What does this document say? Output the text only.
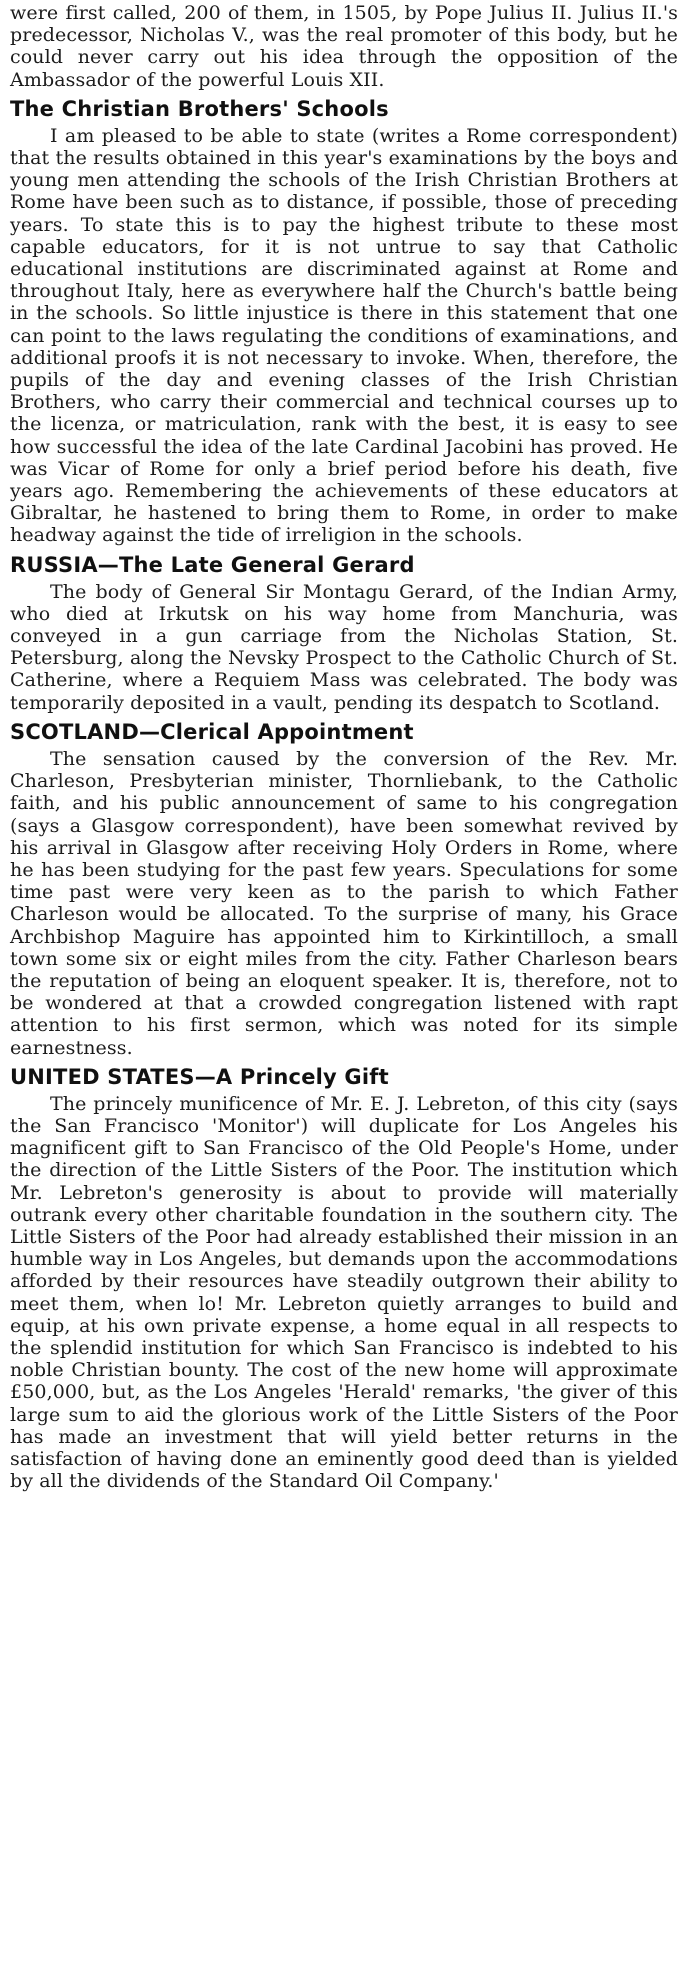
were first called, 200 of them, in 1505, by Pope Julius II. Julius II.'s predecessor, Nicholas V., was the real promoter of this body, but he could never carry out his idea through the opposition of the Ambassador of the powerful Louis XII.

The Christian Brothers' Schools

I am pleased to be able to state (writes a Rome correspondent) that the results obtained in this year's examinations by the boys and young men attending the schools of the Irish Christian Brothers at Rome have been such as to distance, if possible, those of preceding years. To state this is to pay the highest tribute to these most capable educators, for it is not untrue to say that Catholic educational institutions are discriminated against at Rome and throughout Italy, here as everywhere half the Church's battle being in the schools. So little injustice is there in this statement that one can point to the laws regulating the conditions of examinations, and additional proofs it is not necessary to invoke. When, therefore, the pupils of the day and evening classes of the Irish Christian Brothers, who carry their commercial and technical courses up to the licenza, or matriculation, rank with the best, it is easy to see how successful the idea of the late Cardinal Jacobini has proved. He was Vicar of Rome for only a brief period before his death, five years ago. Remembering the achievements of these educators at Gibraltar, he hastened to bring them to Rome, in order to make headway against the tide of irreligion in the schools.

RUSSIA—The Late General Gerard

The body of General Sir Montagu Gerard, of the Indian Army, who died at Irkutsk on his way home from Manchuria, was conveyed in a gun carriage from the Nicholas Station, St. Petersburg, along the Nevsky Prospect to the Catholic Church of St. Catherine, where a Requiem Mass was celebrated. The body was temporarily deposited in a vault, pending its despatch to Scotland.

SCOTLAND—Clerical Appointment

The sensation caused by the conversion of the Rev. Mr. Charleson, Presbyterian minister, Thornliebank, to the Catholic faith, and his public announcement of same to his congregation (says a Glasgow correspondent), have been somewhat revived by his arrival in Glasgow after receiving Holy Orders in Rome, where he has been studying for the past few years. Speculations for some time past were very keen as to the parish to which Father Charleson would be allocated. To the surprise of many, his Grace Archbishop Maguire has appointed him to Kirkintilloch, a small town some six or eight miles from the city. Father Charleson bears the reputation of being an eloquent speaker. It is, therefore, not to be wondered at that a crowded congregation listened with rapt attention to his first sermon, which was noted for its simple earnestness.

UNITED STATES—A Princely Gift

The princely munificence of Mr. E. J. Lebreton, of this city (says the San Francisco 'Monitor') will duplicate for Los Angeles his magnificent gift to San Francisco of the Old People's Home, under the direction of the Little Sisters of the Poor. The institution which Mr. Lebreton's generosity is about to provide will materially outrank every other charitable foundation in the southern city. The Little Sisters of the Poor had already established their mission in an humble way in Los Angeles, but demands upon the accommodations afforded by their resources have steadily outgrown their ability to meet them, when lo! Mr. Lebreton quietly arranges to build and equip, at his own private expense, a home equal in all respects to the splendid institution for which San Francisco is indebted to his noble Christian bounty. The cost of the new home will approximate £50,000, but, as the Los Angeles 'Herald' remarks, 'the giver of this large sum to aid the glorious work of the Little Sisters of the Poor has made an investment that will yield better returns in the satisfaction of having done an eminently good deed than is yielded by all the dividends of the Standard Oil Company.'
